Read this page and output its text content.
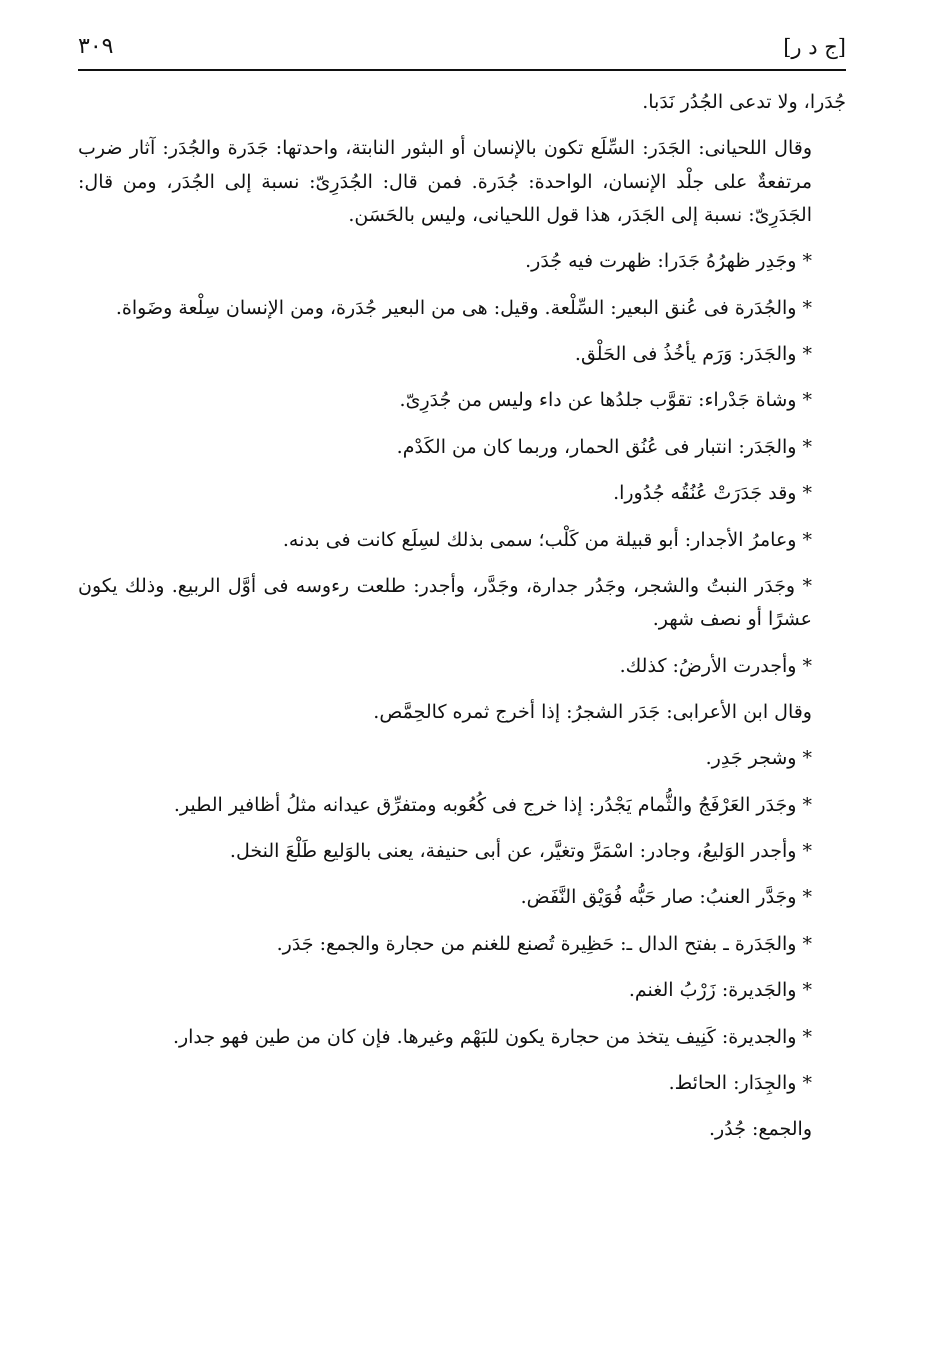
[ج د ر]
٣٠٩

جُدَرا، ولا تدعى الجُدُر نَدَبا.

وقال اللحيانى: الجَدَر: السِّلَع تكون بالإنسان أو البثور النابتة، واحدتها: جَدَرة والجُدَر: آثار ضرب مرتفعةٌ على جلْد الإنسان، الواحدة: جُدَرة. فمن قال: الجُدَرِىّ: نسبة إلى الجُدَر، ومن قال: الجَدَرِىّ: نسبة إلى الجَدَر، هذا قول اللحيانى، وليس بالحَسَن.

* وجَدِر ظهرُهُ جَدَرا: ظهرت فيه جُدَر.

* والجُدَرة فى عُنق البعير: السِّلْعة. وقيل: هى من البعير جُدَرة، ومن الإنسان سِلْعة وضَواة.

* والجَدَر: وَرَم يأخُذُ فى الحَلْق.

* وشاة جَدْراء: تقوَّب جلدُها عن داء وليس من جُدَرِىّ.

* والجَدَر: انتبار فى عُنُق الحمار، وربما كان من الكَدْم.

* وقد جَدَرَتْ عُنُقُه جُدُورا.

* وعامرُ الأجدار: أبو قبيلة من كَلْب؛ سمى بذلك لسِلَع كانت فى بدنه.

* وجَدَر النبتُ والشجر، وجَدُر جدارة، وجَدَّر، وأجدر: طلعت رءوسه فى أوَّل الربيع. وذلك يكون عشرًا أو نصف شهر.

* وأجدرت الأرضُ: كذلك.

وقال ابن الأعرابى: جَدَر الشجرُ: إذا أخرج ثمره كالحِمَّص.

* وشجر جَدِر.

* وجَدَر العَرْفَجُ والثُّمام يَجْدُر: إذا خرج فى كُعُوبه ومتفرِّق عيدانه مثلُ أظافير الطير.

* وأجدر الوَليعُ، وجادر: اسْمَرَّ وتغيَّر، عن أبى حنيفة، يعنى بالوَليع طَلْعَ النخل.

* وجَدَّر العنبُ: صار حَبُّه فُوَيْق النَّفَض.

* والجَدَرة ـ بفتح الدال ـ: حَظِيرة تُصنع للغنم من حجارة والجمع: جَدَر.

* والجَديرة: زَرْبُ الغنم.

* والجديرة: كَنِيف يتخذ من حجارة يكون للبَهْم وغيرها. فإن كان من طين فهو جدار.

* والجِدَار: الحائط.

والجمع: جُدُر.
